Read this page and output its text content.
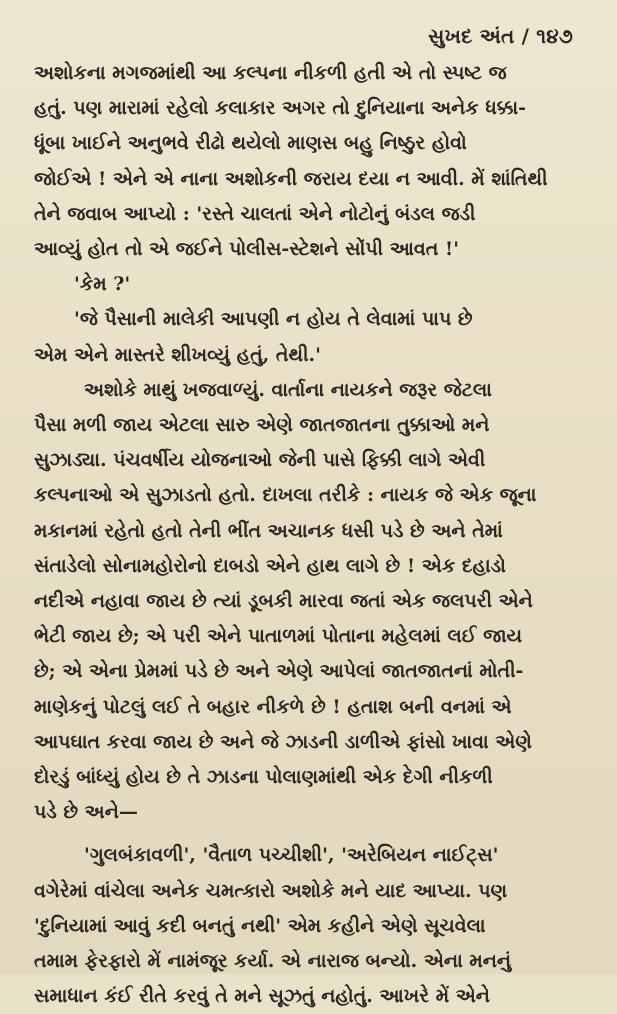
સુખદ અંત / ૧૪૭
અશોકના મગજમાંથી આ કલ્પના નીકળી હતી એ તો સ્પષ્ટ જ
હતું. પણ મારામાં રહેલો કલાકાર અગર તો દુનિયાના અનેક ધક્કા-
ધૂંબા ખાઈને અનુભવે રીઢો થયેલો માણસ બહુ નિષ્ઠુર હોવો
જોઈએ ! એને એ નાના અશોકની જરાય દયા ન આવી. મેં શાંતિથી
તેને જવાબ આપ્યો : 'રસ્તે ચાલતાં એને નોટોનું બંડલ જડી
આવ્યું હોત તો એ જઈને પોલીસ-સ્ટેશને સોંપી આવત !'
'કેમ ?'
'જે પૈસાની માલેકી આપણી ન હોય તે લેવામાં પાપ છે
એમ એને માસ્તરે શીખવ્યું હતું, તેથી.'
અશોકે માથું ખજવાળ્યું. વાર્તાના નાયકને જરૂર જેટલા
પૈસા મળી જાય એટલા સારુ એણે જાતજાતના તુક્કાઓ મને
સુઝાડ્યા. પંચવર્ષીય યોજનાઓ જેની પાસે ફિક્કી લાગે એવી
કલ્પનાઓ એ સુઝાડતો હતો. દાખલા તરીકે : નાયક જે એક જૂના
મકાનમાં રહેતો હતો તેની ભીંત અચાનક ધસી પડે છે અને તેમાં
સંતાડેલો સોનામહોરોનો દાબડો એને હાથ લાગે છે ! એક દહાડો
નદીએ નહાવા જાય છે ત્યાં ડૂબકી મારવા જતાં એક જલપરી એને
ભેટી જાય છે; એ પરી એને પાતાળમાં પોતાના મહેલમાં લઈ જાય
છે; એ એના પ્રેમમાં પડે છે અને એણે આપેલાં જાતજાતનાં મોતી-
માણેકનું પોટલું લઈ તે બહાર નીકળે છે ! હતાશ બની વનમાં એ
આપઘાત કરવા જાય છે અને જે ઝાડની ડાળીએ ફાંસો ખાવા એણે
દોરડું બાંધ્યું હોય છે તે ઝાડના પોલાણમાંથી એક દેગી નીકળી
પડે છે અને—
'ગુલબંકાવળી', 'વૈતાળ પચ્ચીશી', 'અરેબિયન નાઈટ્સ'
વગેરેમાં વાંચેલા અનેક ચમત્કારો અશોકે મને યાદ આપ્યા. પણ
'દુનિયામાં આવું કદી બનતું નથી' એમ કહીને એણે સૂચવેલા
તમામ ફેરફારો મેં નામંજૂર કર્યા. એ નારાજ બન્યો. એના મનનું
સમાધાન કંઈ રીતે કરવું તે મને સૂઝતું નહોતું. આખરે મેં એને
